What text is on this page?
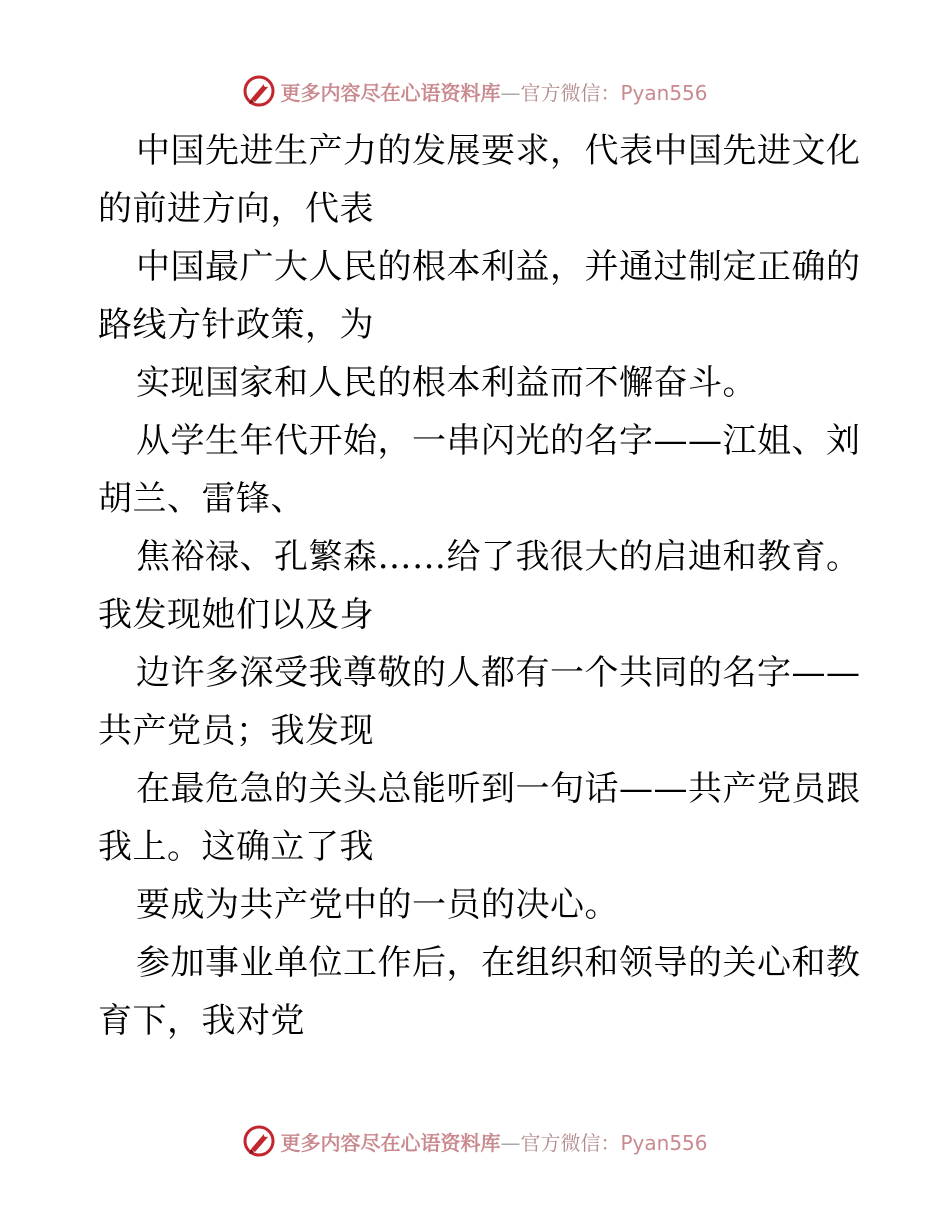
更多内容尽在心语资料库—官方微信：Pyan556
中国先进生产力的发展要求，代表中国先进文化
的前进方向，代表
中国最广大人民的根本利益，并通过制定正确的
路线方针政策，为
实现国家和人民的根本利益而不懈奋斗。
从学生年代开始，一串闪光的名字——江姐、刘
胡兰、雷锋、
焦裕禄、孔繁森……给了我很大的启迪和教育。
我发现她们以及身
边许多深受我尊敬的人都有一个共同的名字——
共产党员；我发现
在最危急的关头总能听到一句话——共产党员跟
我上。这确立了我
要成为共产党中的一员的决心。
参加事业单位工作后，在组织和领导的关心和教
育下，我对党
更多内容尽在心语资料库—官方微信：Pyan556
